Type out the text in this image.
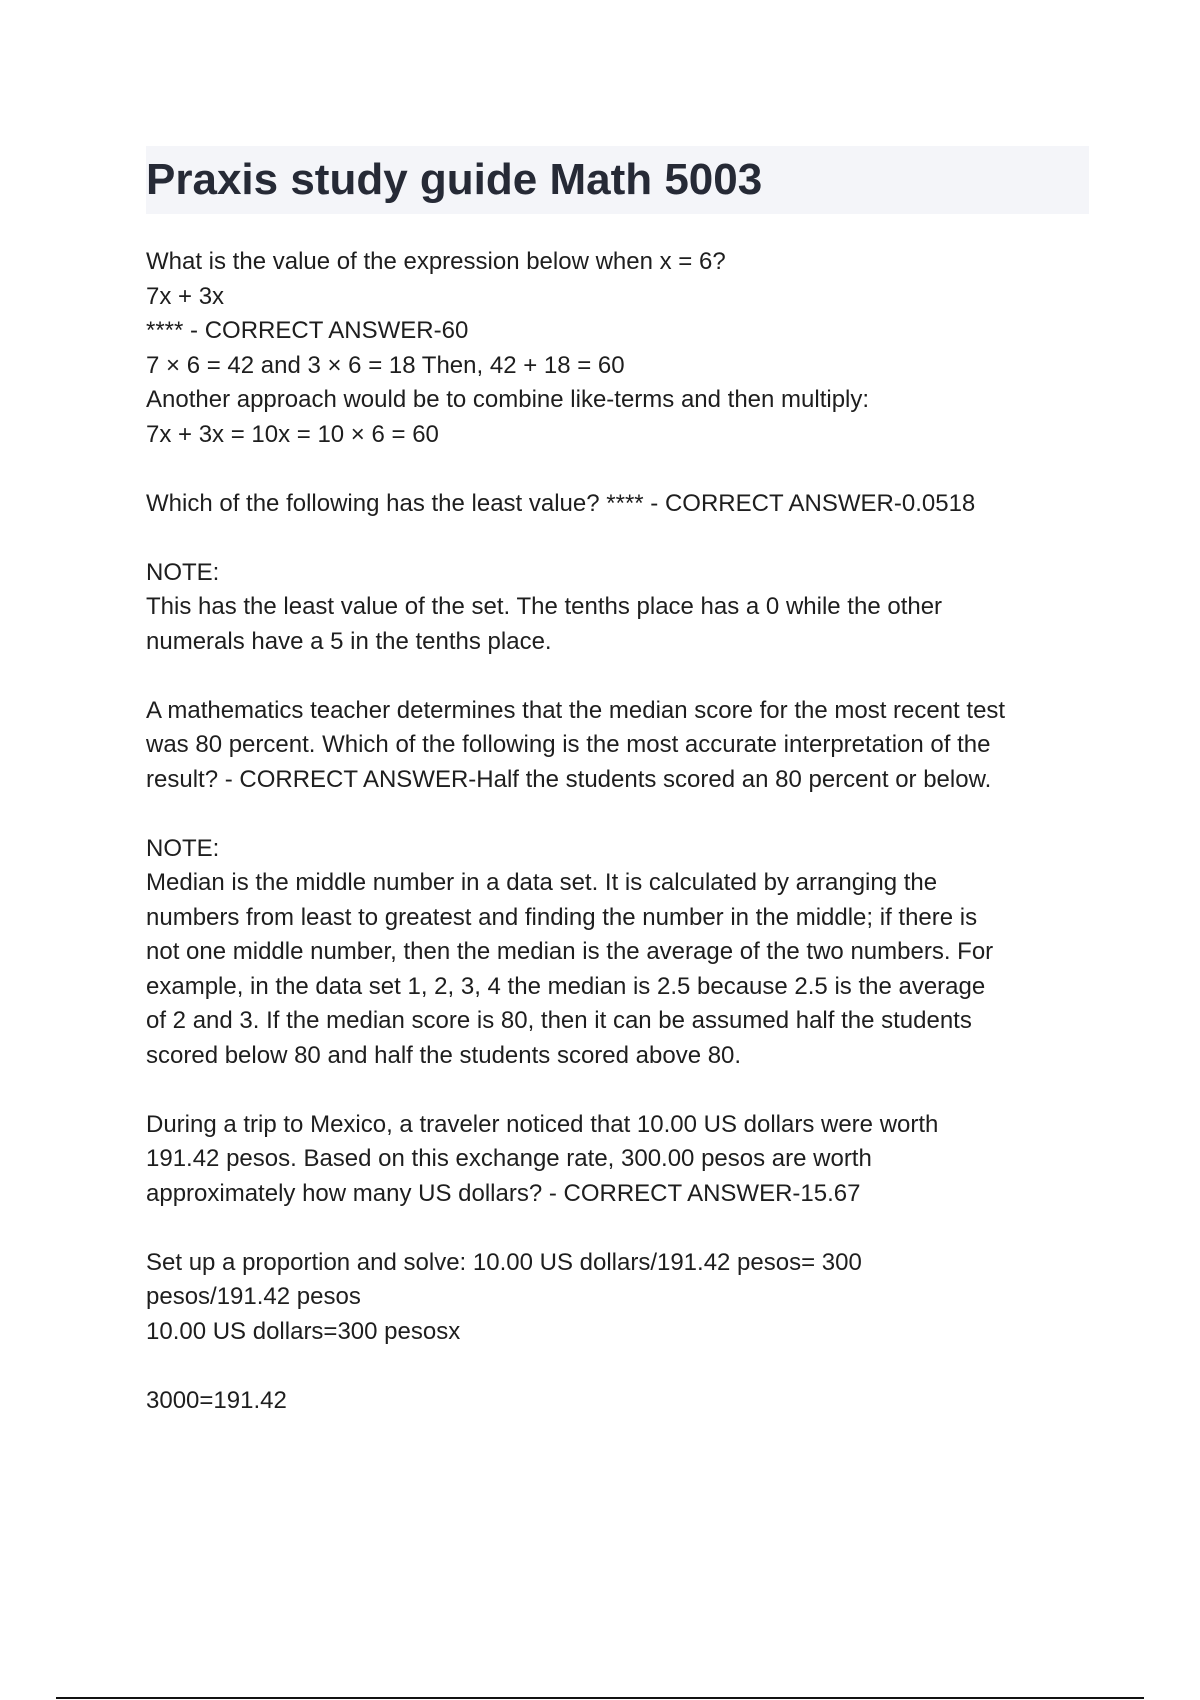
Praxis study guide Math 5003
What is the value of the expression below when x = 6?
7x + 3x
**** - CORRECT ANSWER-60
7 × 6 = 42 and 3 × 6 = 18 Then, 42 + 18 = 60
Another approach would be to combine like-terms and then multiply:
7x + 3x = 10x = 10 × 6 = 60
Which of the following has the least value? **** - CORRECT ANSWER-0.0518
NOTE:
This has the least value of the set. The tenths place has a 0 while the other
numerals have a 5 in the tenths place.
A mathematics teacher determines that the median score for the most recent test
was 80 percent. Which of the following is the most accurate interpretation of the
result? - CORRECT ANSWER-Half the students scored an 80 percent or below.
NOTE:
Median is the middle number in a data set. It is calculated by arranging the
numbers from least to greatest and finding the number in the middle; if there is
not one middle number, then the median is the average of the two numbers. For
example, in the data set 1, 2, 3, 4 the median is 2.5 because 2.5 is the average
of 2 and 3. If the median score is 80, then it can be assumed half the students
scored below 80 and half the students scored above 80.
During a trip to Mexico, a traveler noticed that 10.00 US dollars were worth
191.42 pesos. Based on this exchange rate, 300.00 pesos are worth
approximately how many US dollars? - CORRECT ANSWER-15.67
Set up a proportion and solve: 10.00 US dollars/191.42 pesos= 300
pesos/191.42 pesos
10.00 US dollars=300 pesosx
3000=191.42
